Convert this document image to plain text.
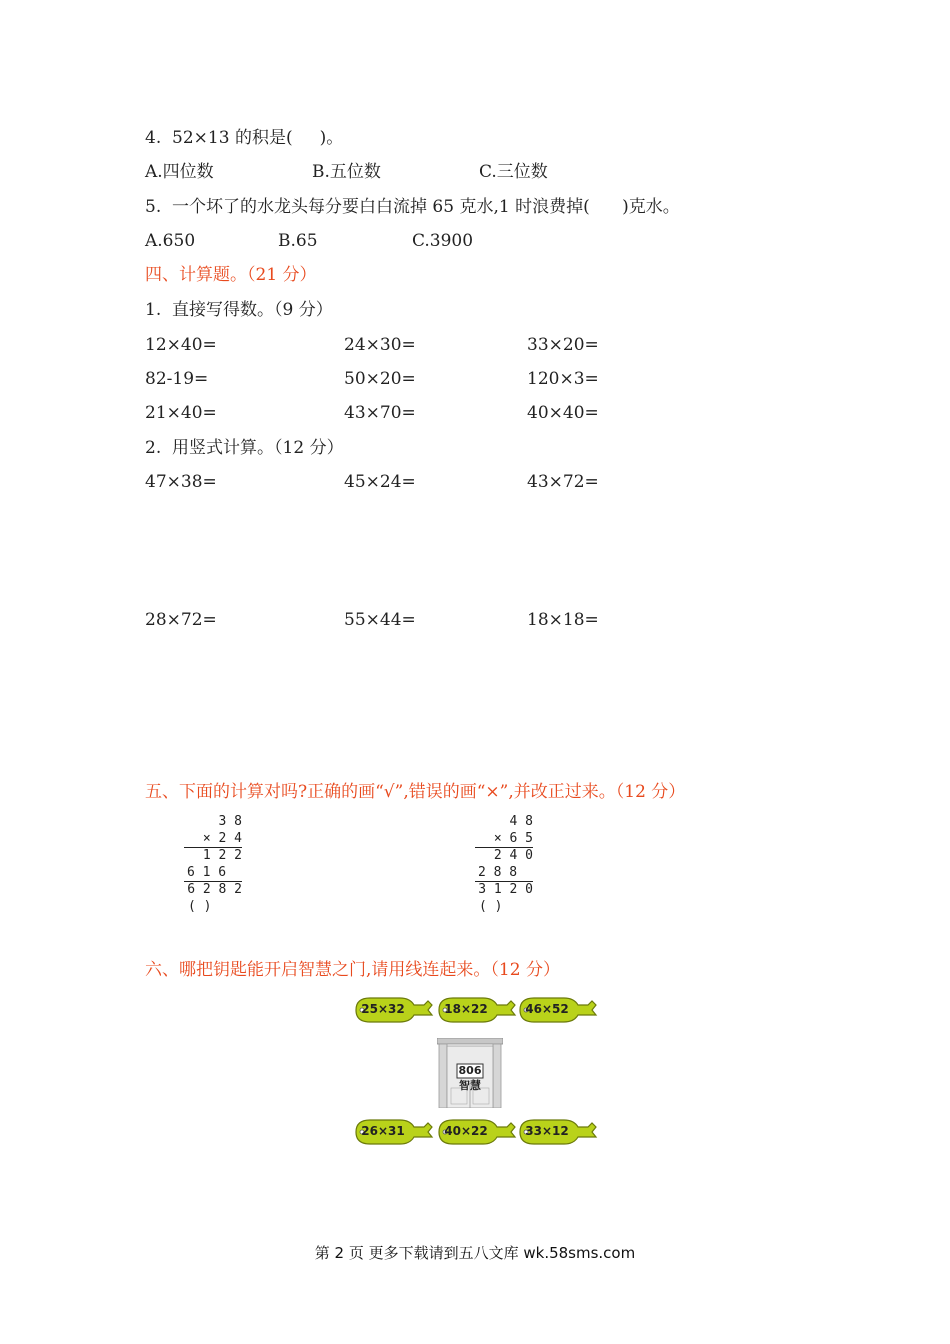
4.  52×13 的积是(     )。
A.四位数	B.五位数	C.三位数
5.  一个坏了的水龙头每分要白白流掉 65 克水,1 时浪费掉(      )克水。
A.650	B.65	C.3900
四、计算题。（21 分）
1.  直接写得数。（9 分）
12×40=	24×30=	33×20=
82-19=	50×20=	120×3=
21×40=	43×70=	40×40=
2.  用竖式计算。（12 分）
47×38=	45×24=	43×72=
28×72=	55×44=	18×18=
五、下面的计算对吗?正确的画“√”,错误的画“×”,并改正过来。（12 分）
3 8
× 2 4
1 2 2
6 1 6
6 2 8 2
( )
4 8
× 6 5
2 4 0
2 8 8
3 1 2 0
( )
六、哪把钥匙能开启智慧之门,请用线连起来。（12 分）
25×32	18×22	46×52
806
智慧
26×31	40×22	33×12
第 2 页 更多下载请到五八文库 wk.58sms.com
